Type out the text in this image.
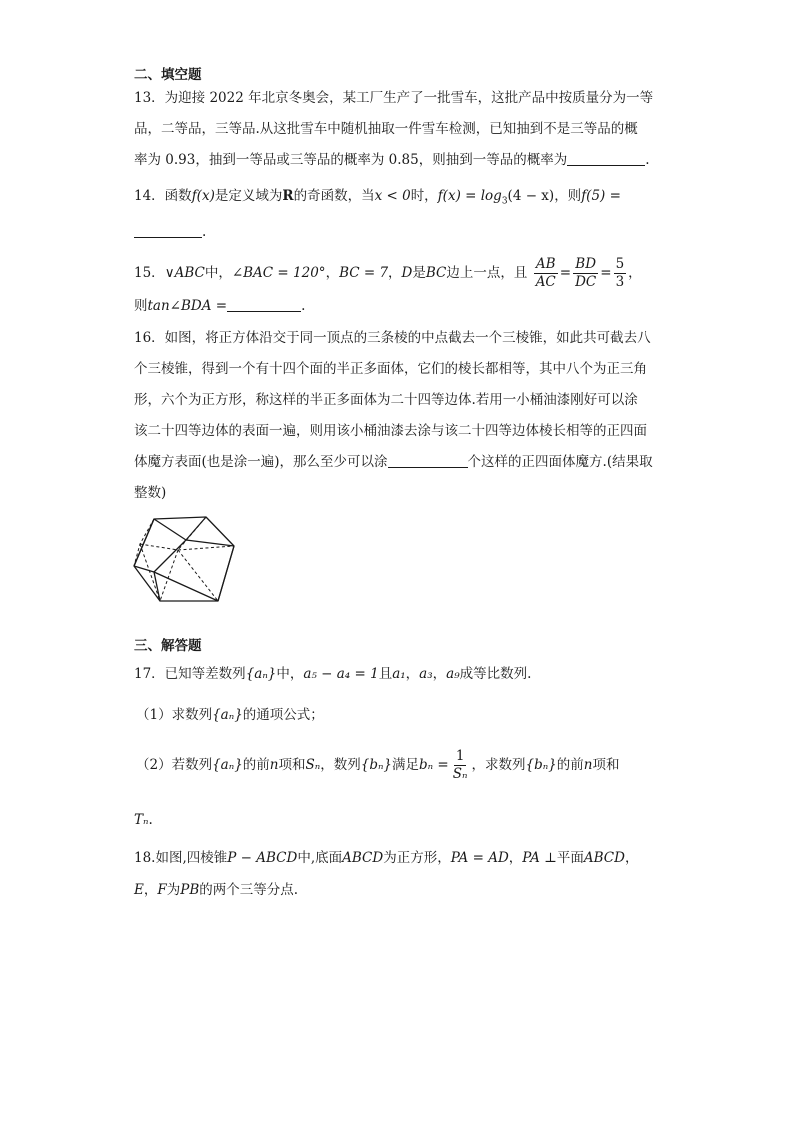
二、填空题
13．为迎接 2022 年北京冬奥会，某工厂生产了一批雪车，这批产品中按质量分为一等
品，二等品，三等品.从这批雪车中随机抽取一件雪车检测，已知抽到不是三等品的概
率为 0.93，抽到一等品或三等品的概率为 0.85，则抽到一等品的概率为	.
14．函数f(x)是定义域为R的奇函数，当x < 0时，$f(x) = \log_3(4 - x)$，则f(5) =
.
15．∨ABC中，∠BAC = 120°，BC = 7，D是BC边上一点，且 $\frac{AB}{AC} = \frac{BD}{DC} = \frac{5}{3}$ ，
则tan∠BDA =	.
16．如图，将正方体沿交于同一顶点的三条棱的中点截去一个三棱锥，如此共可截去八
个三棱锥，得到一个有十四个面的半正多面体，它们的棱长都相等，其中八个为正三角
形，六个为正方形，称这样的半正多面体为二十四等边体.若用一小桶油漆刚好可以涂
该二十四等边体的表面一遍，则用该小桶油漆去涂与该二十四等边体棱长相等的正四面
体魔方表面(也是涂一遍)，那么至少可以涂	个这样的正四面体魔方.(结果取
整数)
三、解答题
17．已知等差数列{aₙ}中，a₅ − a₄ = 1且a₁，a₃，a₉成等比数列.
（1）求数列{aₙ}的通项公式；
（2）若数列{aₙ}的前n项和Sₙ，数列{bₙ}满足$b_n = \frac{1}{\text{Sₙ}}$ ，求数列{bₙ}的前n项和
Tₙ.
18.如图,四棱锥P − ABCD中,底面ABCD为正方形，PA = AD，PA ⊥平面ABCD，
E，F为PB的两个三等分点.
